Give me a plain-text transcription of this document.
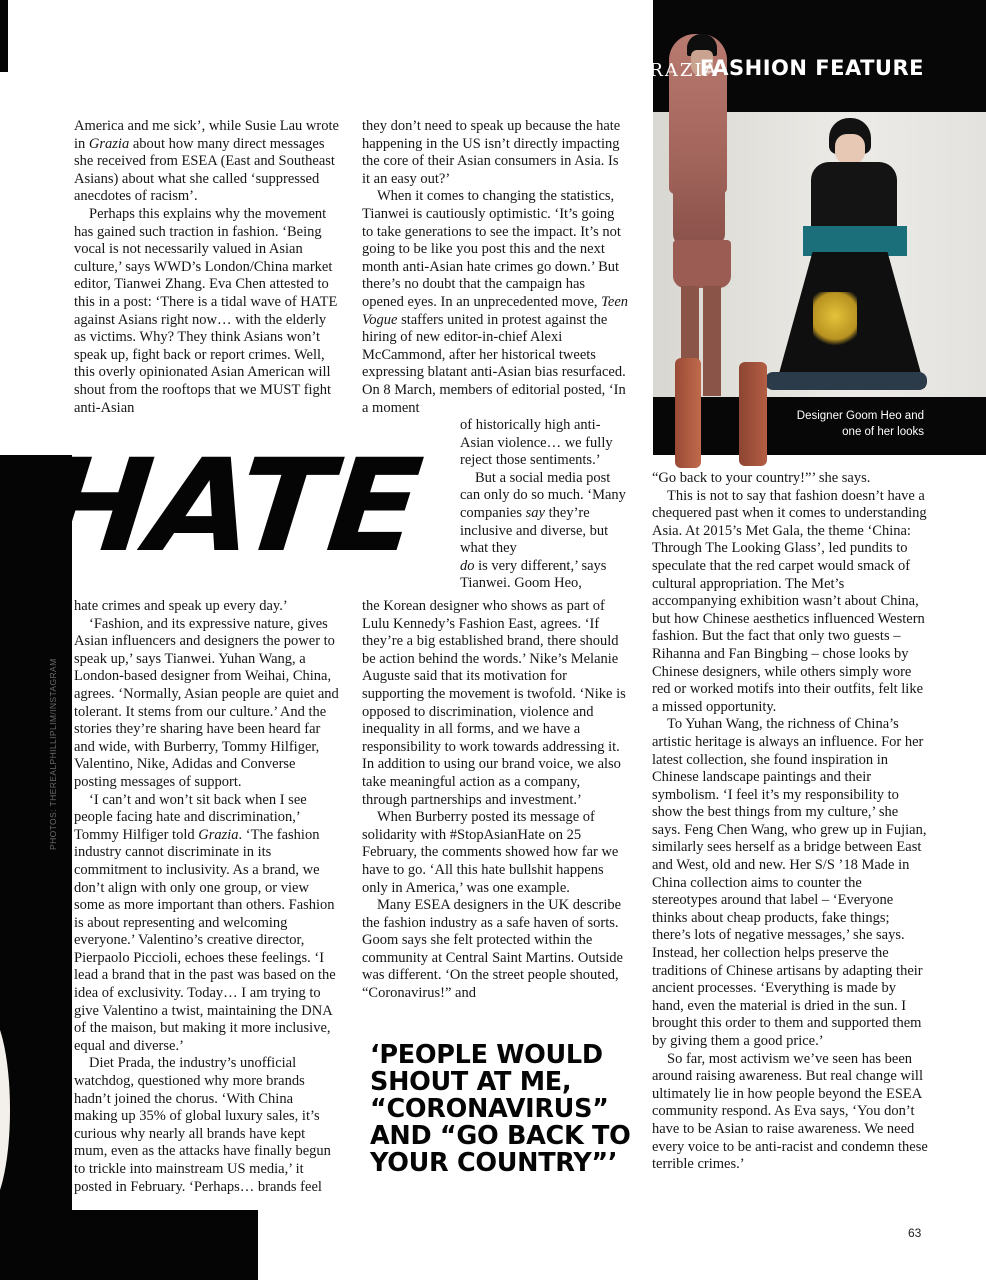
GRAZIA
FASHION FEATURE
Designer Goom Heo and
one of her looks

America and me sick’, while Susie Lau wrote in Grazia about how many direct messages she received from ESEA (East and Southeast Asians) about what she called ‘suppressed anecdotes of racism’.

Perhaps this explains why the movement has gained such traction in fashion. ‘Being vocal is not necessarily valued in Asian culture,’ says WWD’s London/China market editor, Tianwei Zhang. Eva Chen attested to this in a post: ‘There is a tidal wave of HATE against Asians right now… with the elderly as victims. Why? They think Asians won’t speak up, fight back or report crimes. Well, this overly opinionated Asian American will shout from the rooftops that we MUST fight anti-Asian

hate crimes and speak up every day.’

‘Fashion, and its expressive nature, gives Asian influencers and designers the power to speak up,’ says Tianwei. Yuhan Wang, a London-based designer from Weihai, China, agrees. ‘Normally, Asian people are quiet and tolerant. It stems from our culture.’ And the stories they’re sharing have been heard far and wide, with Burberry, Tommy Hilfiger, Valentino, Nike, Adidas and Converse posting messages of support.

‘I can’t and won’t sit back when I see people facing hate and discrimination,’ Tommy Hilfiger told Grazia. ‘The fashion industry cannot discriminate in its commitment to inclusivity. As a brand, we don’t align with only one group, or view some as more important than others. Fashion is about representing and welcoming everyone.’ Valentino’s creative director, Pierpaolo Piccioli, echoes these feelings. ‘I lead a brand that in the past was based on the idea of exclusivity. Today… I am trying to give Valentino a twist, maintaining the DNA of the maison, but making it more inclusive, equal and diverse.’

Diet Prada, the industry’s unofficial watchdog, questioned why more brands hadn’t joined the chorus. ‘With China making up 35% of global luxury sales, it’s curious why nearly all brands have kept mum, even as the attacks have finally begun to trickle into mainstream US media,’ it posted in February. ‘Perhaps… brands feel

they don’t need to speak up because the hate happening in the US isn’t directly impacting the core of their Asian consumers in Asia. Is it an easy out?’

When it comes to changing the statistics, Tianwei is cautiously optimistic. ‘It’s going to take generations to see the impact. It’s not going to be like you post this and the next month anti-Asian hate crimes go down.’ But there’s no doubt that the campaign has opened eyes. In an unprecedented move, Teen Vogue staffers united in protest against the hiring of new editor-in-chief Alexi McCammond, after her historical tweets expressing blatant anti-Asian bias resurfaced. On 8 March, members of editorial posted, ‘In a moment

of historically high anti-Asian violence… we fully reject those sentiments.’

But a social media post can only do so much. ‘Many companies say they’re inclusive and diverse, but what they

do is very different,’ says Tianwei. Goom Heo,

the Korean designer who shows as part of Lulu Kennedy’s Fashion East, agrees. ‘If they’re a big established brand, there should be action behind the words.’ Nike’s Melanie Auguste said that its motivation for supporting the movement is twofold. ‘Nike is opposed to discrimination, violence and inequality in all forms, and we have a responsibility to work towards addressing it. In addition to using our brand voice, we also take meaningful action as a company, through partnerships and investment.’

When Burberry posted its message of solidarity with #StopAsianHate on 25 February, the comments showed how far we have to go. ‘All this hate bullshit happens only in America,’ was one example.

Many ESEA designers in the UK describe the fashion industry as a safe haven of sorts. Goom says she felt protected within the community at Central Saint Martins. Outside was different. ‘On the street people shouted, “Coronavirus!” and

“Go back to your country!”’ she says.

This is not to say that fashion doesn’t have a chequered past when it comes to understanding Asia. At 2015’s Met Gala, the theme ‘China: Through The Looking Glass’, led pundits to speculate that the red carpet would smack of cultural appropriation. The Met’s accompanying exhibition wasn’t about China, but how Chinese aesthetics influenced Western fashion. But the fact that only two guests – Rihanna and Fan Bingbing – chose looks by Chinese designers, while others simply wore red or worked motifs into their outfits, felt like a missed opportunity.

To Yuhan Wang, the richness of China’s artistic heritage is always an influence. For her latest collection, she found inspiration in Chinese landscape paintings and their symbolism. ‘I feel it’s my responsibility to show the best things from my culture,’ she says. Feng Chen Wang, who grew up in Fujian, similarly sees herself as a bridge between East and West, old and new. Her S/S ’18 Made in China collection aims to counter the stereotypes around that label – ‘Everyone thinks about cheap products, fake things; there’s lots of negative messages,’ she says. Instead, her collection helps preserve the traditions of Chinese artisans by adapting their ancient processes. ‘Everything is made by hand, even the material is dried in the sun. I brought this order to them and supported them by giving them a good price.’

So far, most activism we’ve seen has been around raising awareness. But real change will ultimately lie in how people beyond the ESEA community respond. As Eva says, ‘You don’t have to be Asian to raise awareness. We need every voice to be anti-racist and condemn these terrible crimes.’

HATE
PHOTOS: THEREALPHILLIPLIM/INSTAGRAM
‘PEOPLE WOULD SHOUT AT ME, “CORONAVIRUS” AND “GO BACK TO YOUR COUNTRY”’
63
